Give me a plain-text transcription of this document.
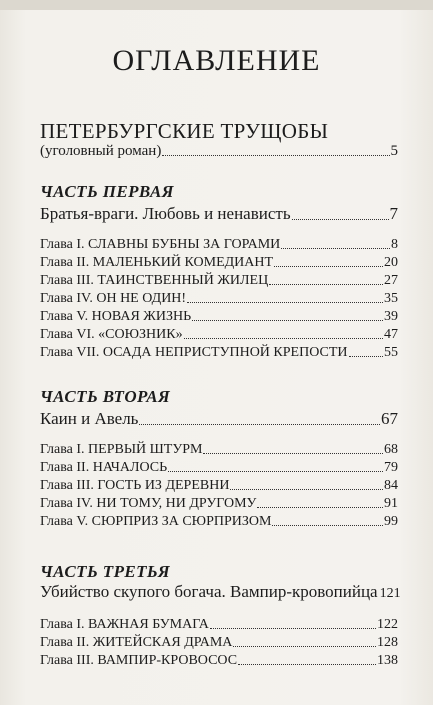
ОГЛАВЛЕНИЕ
ПЕТЕРБУРГСКИЕ ТРУЩОБЫ
(уголовный роман)	5
ЧАСТЬ ПЕРВАЯ
Братья-враги. Любовь и ненависть	7
Глава I. СЛАВНЫ БУБНЫ ЗА ГОРАМИ	8
Глава II. МАЛЕНЬКИЙ КОМЕДИАНТ	20
Глава III. ТАИНСТВЕННЫЙ ЖИЛЕЦ	27
Глава IV. ОН НЕ ОДИН!	35
Глава V. НОВАЯ ЖИЗНЬ	39
Глава VI. «СОЮЗНИК»	47
Глава VII. ОСАДА НЕПРИСТУПНОЙ КРЕПОСТИ	55
ЧАСТЬ ВТОРАЯ
Каин и Авель	67
Глава I. ПЕРВЫЙ ШТУРМ	68
Глава II. НАЧАЛОСЬ	79
Глава III. ГОСТЬ ИЗ ДЕРЕВНИ	84
Глава IV. НИ ТОМУ, НИ ДРУГОМУ	91
Глава V. СЮРПРИЗ ЗА СЮРПРИЗОМ	99
ЧАСТЬ ТРЕТЬЯ
Убийство скупого богача. Вампир-кровопийца 121
Глава I. ВАЖНАЯ БУМАГА	122
Глава II. ЖИТЕЙСКАЯ ДРАМА	128
Глава III. ВАМПИР-КРОВОСОС	138
